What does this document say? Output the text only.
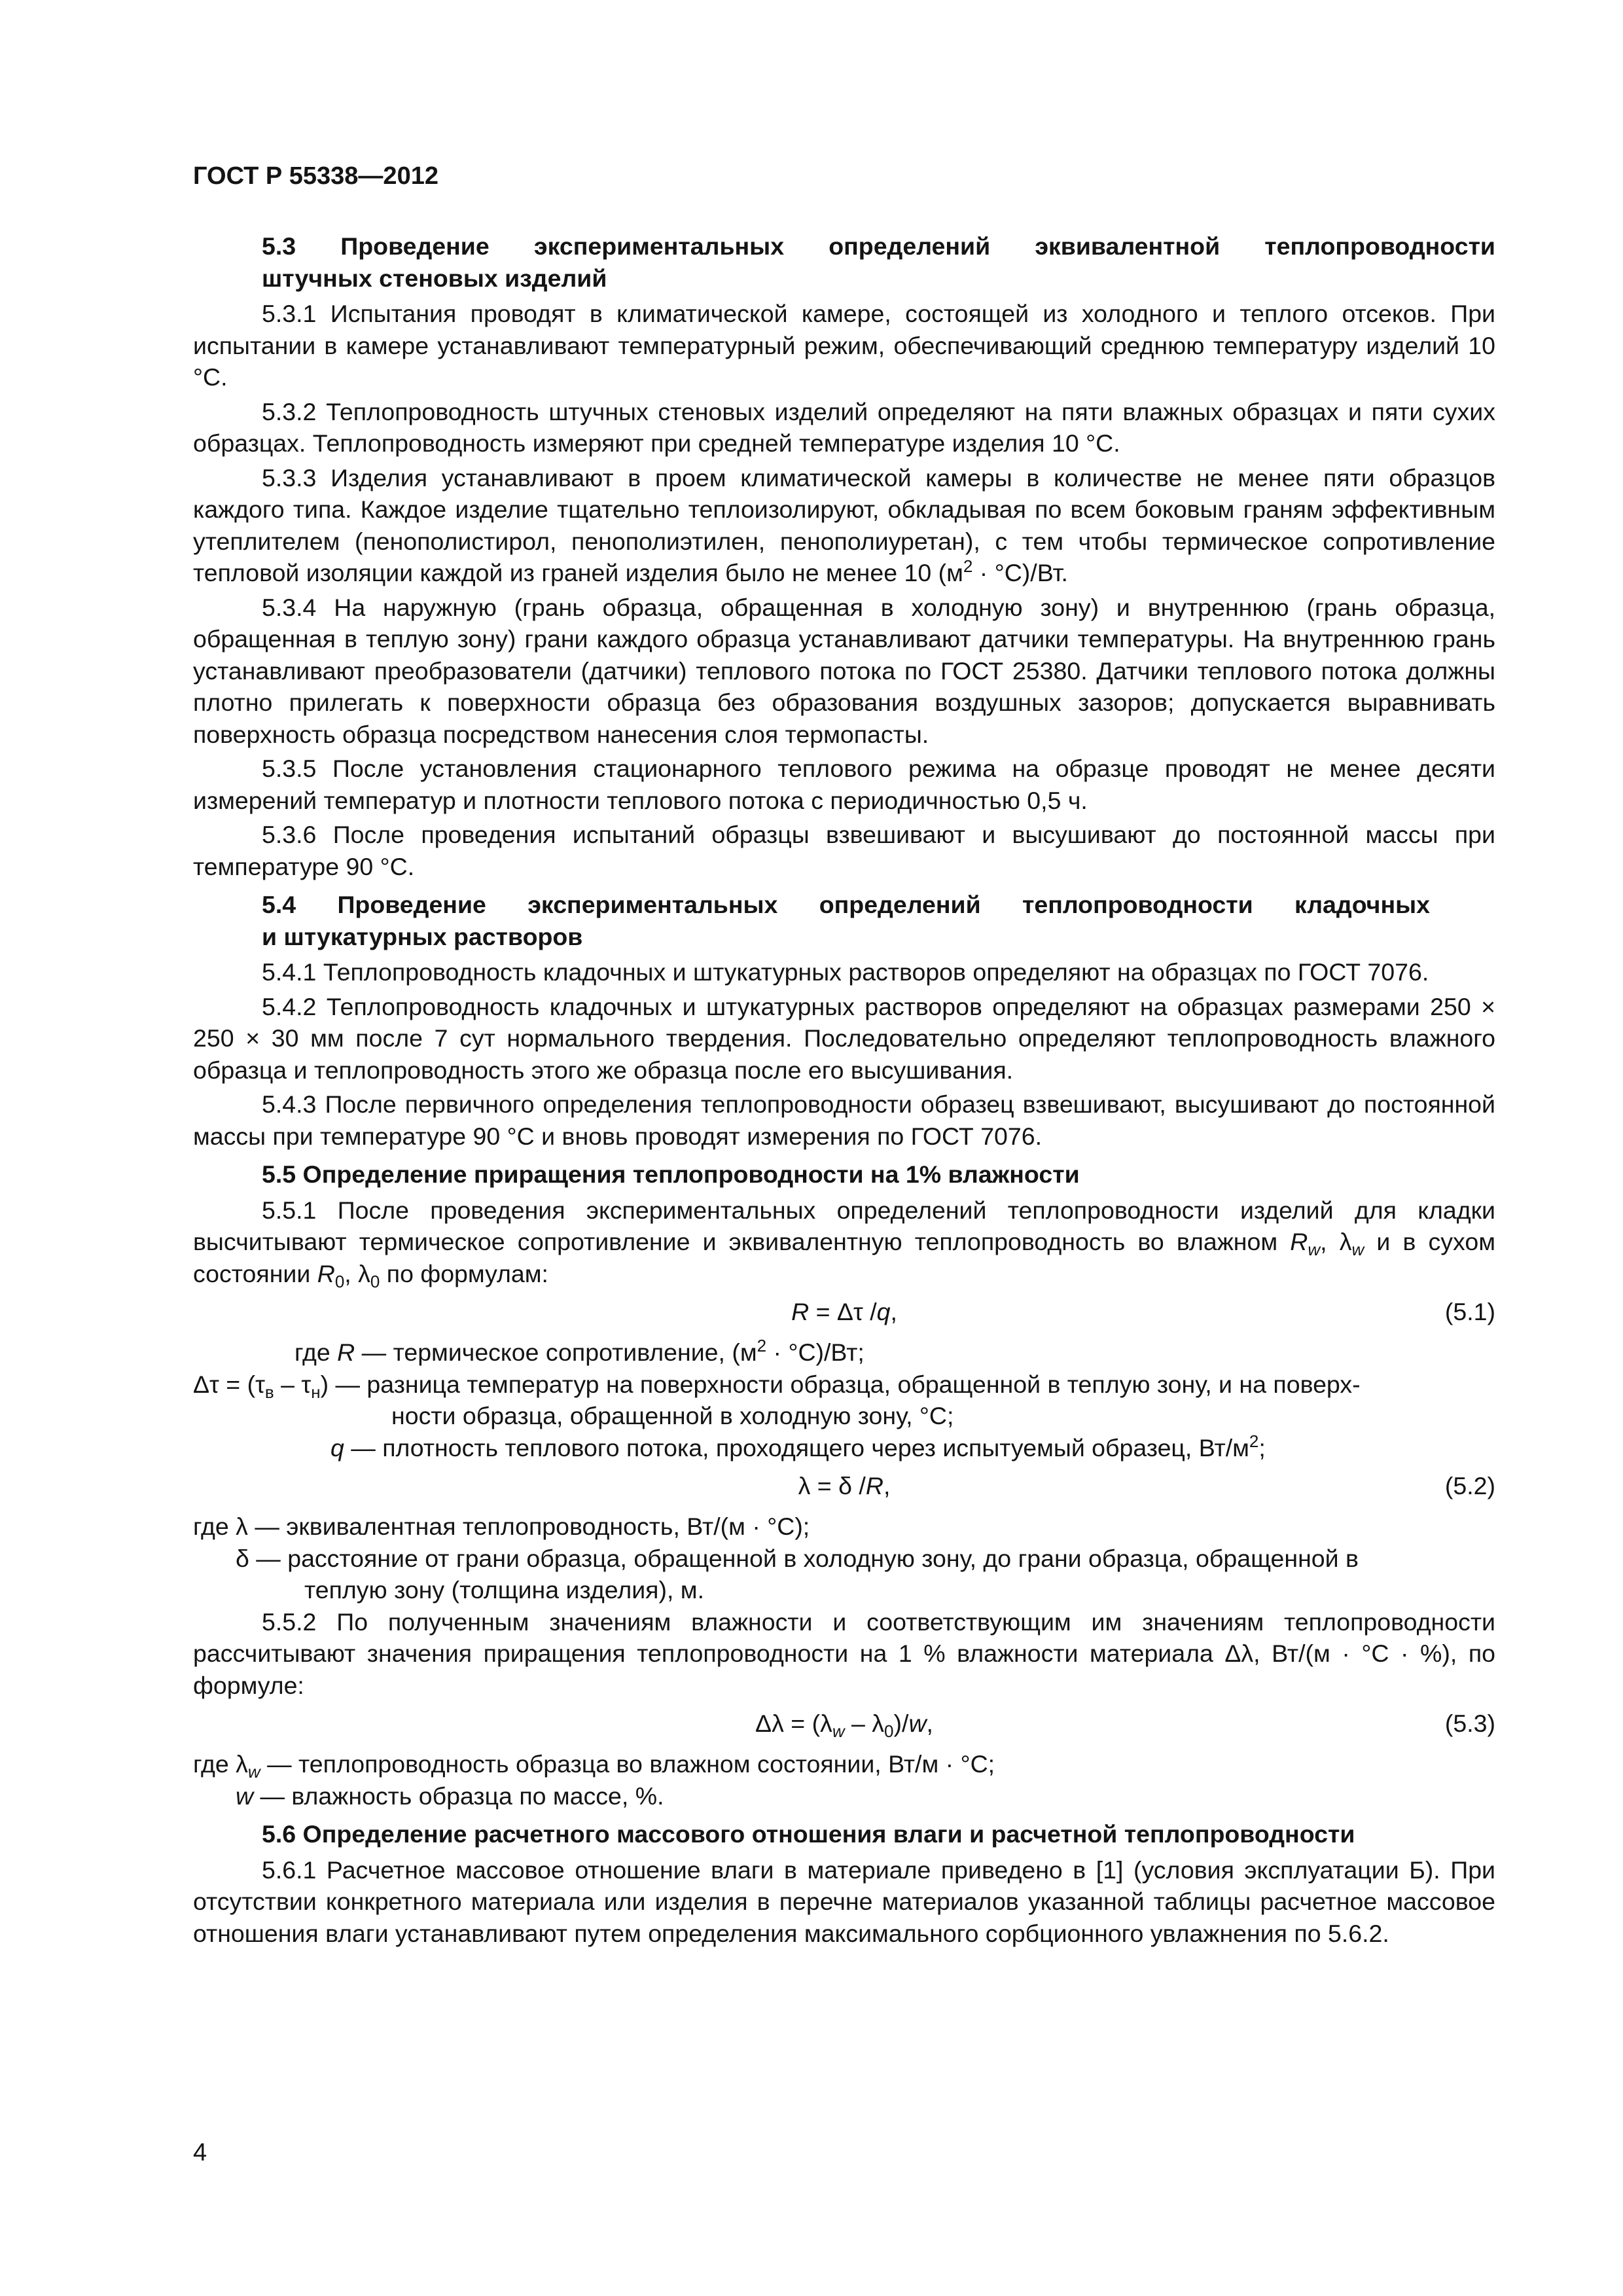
ГОСТ Р 55338—2012
5.3 Проведение экспериментальных определений эквивалентной теплопроводности
штучных стеновых изделий

5.3.1 Испытания проводят в климатической камере, состоящей из холодного и теплого отсеков. При испытании в камере устанавливают температурный режим, обеспечивающий среднюю температуру изделий 10 °C.

5.3.2 Теплопроводность штучных стеновых изделий определяют на пяти влажных образцах и пяти сухих образцах. Теплопроводность измеряют при средней температуре изделия 10 °C.

5.3.3 Изделия устанавливают в проем климатической камеры в количестве не менее пяти образцов каждого типа. Каждое изделие тщательно теплоизолируют, обкладывая по всем боковым граням эффективным утеплителем (пенополистирол, пенополиэтилен, пенополиуретан), с тем чтобы термическое сопротивление тепловой изоляции каждой из граней изделия было не менее 10 $(м^2 \cdot ^\circ С)/Вт$.

5.3.4 На наружную (грань образца, обращенная в холодную зону) и внутреннюю (грань образца, обращенная в теплую зону) грани каждого образца устанавливают датчики температуры. На внутреннюю грань устанавливают преобразователи (датчики) теплового потока по ГОСТ 25380. Датчики теплового потока должны плотно прилегать к поверхности образца без образования воздушных зазоров; допускается выравнивать поверхность образца посредством нанесения слоя термопасты.

5.3.5 После установления стационарного теплового режима на образце проводят не менее десяти измерений температур и плотности теплового потока с периодичностью 0,5 ч.

5.3.6 После проведения испытаний образцы взвешивают и высушивают до постоянной массы при температуре 90 °С.

5.4 Проведение экспериментальных определений теплопроводности кладочных
и штукатурных растворов

5.4.1 Теплопроводность кладочных и штукатурных растворов определяют на образцах по ГОСТ 7076.

5.4.2 Теплопроводность кладочных и штукатурных растворов определяют на образцах размерами 250 × 250 × 30 мм после 7 сут нормального твердения. Последовательно определяют теплопроводность влажного образца и теплопроводность этого же образца после его высушивания.

5.4.3 После первичного определения теплопроводности образец взвешивают, высушивают до постоянной массы при температуре 90 °С и вновь проводят измерения по ГОСТ 7076.

5.5 Определение приращения теплопроводности на 1% влажности

5.5.1 После проведения экспериментальных определений теплопроводности изделий для кладки высчитывают термическое сопротивление и эквивалентную теплопроводность во влажном $R_w$, $\lambda_w$ и в сухом состоянии $R_0$, $\lambda_0$ по формулам:

R = Δτ /q,	(5.1)
где R — термическое сопротивление, $(м^2 \cdot ^\circ С)/Вт$;
$\Delta\tau = (\tau_в - \tau_н)$ — разница температур на поверхности образца, обращенной в теплую зону, и на поверх-
ности образца, обращенной в холодную зону, °С;
q — плотность теплового потока, проходящего через испытуемый образец, $Вт/м^2$;
λ = δ /R,	(5.2)
где λ — эквивалентная теплопроводность, Вт/(м · °С);
δ — расстояние от грани образца, обращенной в холодную зону, до грани образца, обращенной в
теплую зону (толщина изделия), м.

5.5.2 По полученным значениям влажности и соответствующим им значениям теплопроводности рассчитывают значения приращения теплопроводности на 1 % влажности материала Δλ, Вт/(м · °С · %), по формуле:

$\Delta\lambda = (\lambda_w - \lambda_0)/w$,	(5.3)
где $\lambda_w$ — теплопроводность образца во влажном состоянии, Вт/м · °С;
w — влажность образца по массе, %.
5.6 Определение расчетного массового отношения влаги и расчетной теплопроводности

5.6.1 Расчетное массовое отношение влаги в материале приведено в [1] (условия эксплуатации Б). При отсутствии конкретного материала или изделия в перечне материалов указанной таблицы расчетное массовое отношения влаги устанавливают путем определения максимального сорбционного увлажнения по 5.6.2.

4
